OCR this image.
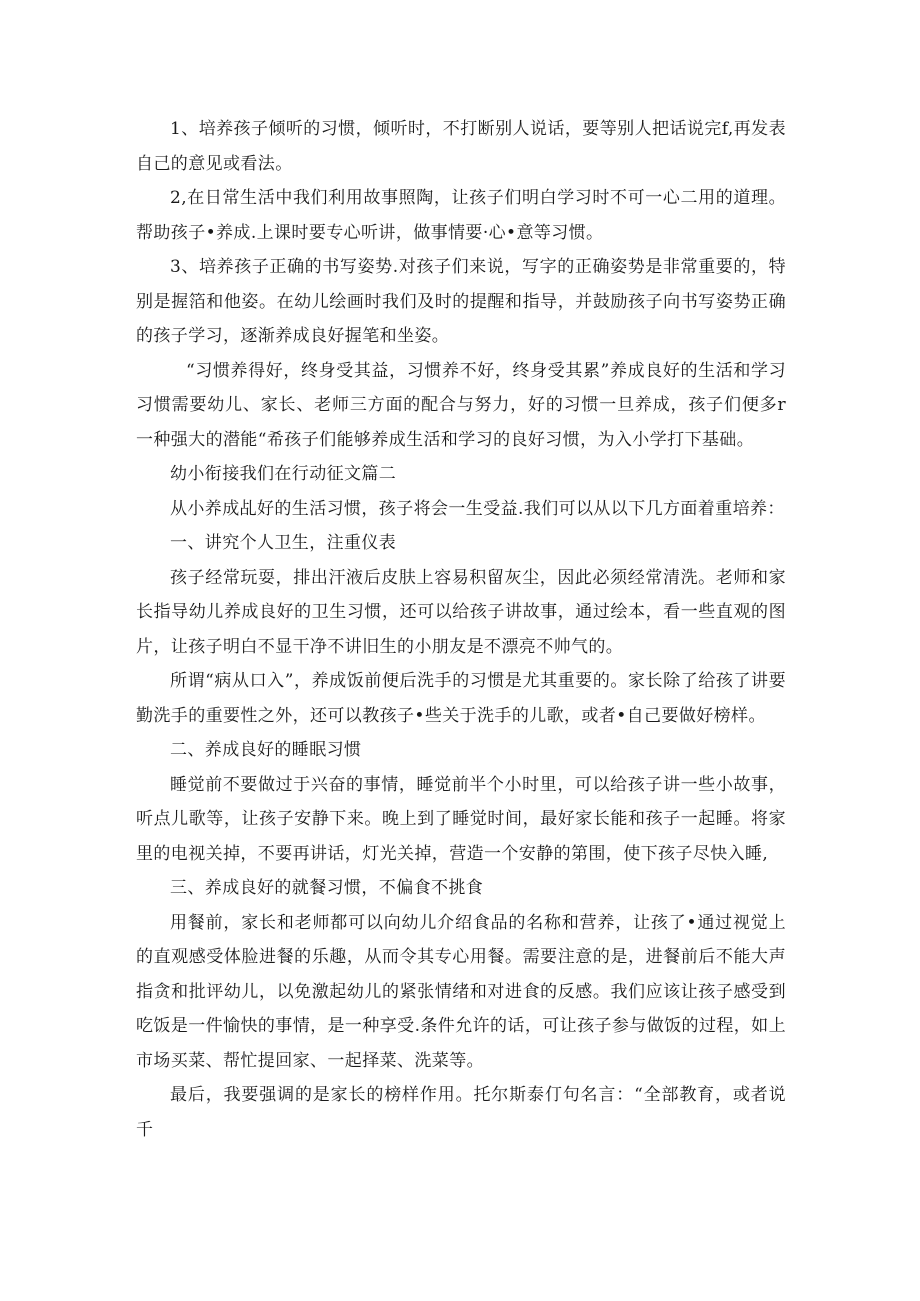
1、培养孩子倾听的习惯，倾听时，不打断别人说话，要等别人把话说完f,再发表自己的意见或看法。

2,在日常生活中我们利用故事照陶，让孩子们明白学习时不可一心二用的道理。帮助孩子•养成.上课时要专心听讲，做事情要·心•意等习惯。

3、培养孩子正确的书写姿势.对孩子们来说，写字的正确姿势是非常重要的，特别是握箔和他姿。在幼儿绘画时我们及时的提醒和指导，并鼓励孩子向书写姿势正确的孩子学习，逐渐养成良好握笔和坐姿。

“习惯养得好，终身受其益，习惯养不好，终身受其累”养成良好的生活和学习习惯需要幼儿、家长、老师三方面的配合与努力，好的习惯一旦养成，孩子们便多r一种强大的潜能“希孩子们能够养成生活和学习的良好习惯，为入小学打下基础。

幼小衔接我们在行动征文篇二

从小养成乩好的生活习惯，孩子将会一生受益.我们可以从以下几方面着重培养：

一、讲究个人卫生，注重仪表

孩子经常玩耍，排出汗液后皮肤上容易积留灰尘，因此必须经常清洗。老师和家长指导幼儿养成良好的卫生习惯，还可以给孩子讲故事，通过绘本，看一些直观的图片，让孩子明白不显干净不讲旧生的小朋友是不漂亮不帅气的。

所谓“病从口入”，养成饭前便后洗手的习惯是尤其重要的。家长除了给孩了讲要勤洗手的重要性之外，还可以教孩子•些关于洗手的儿歌，或者•自己要做好榜样。

二、养成良好的睡眠习惯

睡觉前不要做过于兴奋的事情，睡觉前半个小时里，可以给孩子讲一些小故事，听点儿歌等，让孩子安静下来。晚上到了睡觉时间，最好家长能和孩子一起睡。将家里的电视关掉，不要再讲话，灯光关掉，营造一个安静的第围，使下孩子尽快入睡,

三、养成良好的就餐习惯，不偏食不挑食

用餐前，家长和老师都可以向幼儿介绍食品的名称和营养，让孩了•通过视觉上的直观感受体脸进餐的乐趣，从而令其专心用餐。需要注意的是，进餐前后不能大声指贪和批评幼儿，以免激起幼儿的紧张情绪和对进食的反感。我们应该让孩子感受到吃饭是一件愉快的事情，是一种享受.条件允许的话，可让孩子参与做饭的过程，如上市场买菜、帮忙提回家、一起择菜、洗菜等。

最后，我要强调的是家长的榜样作用。托尔斯泰仃句名言：“全部教育，或者说千
